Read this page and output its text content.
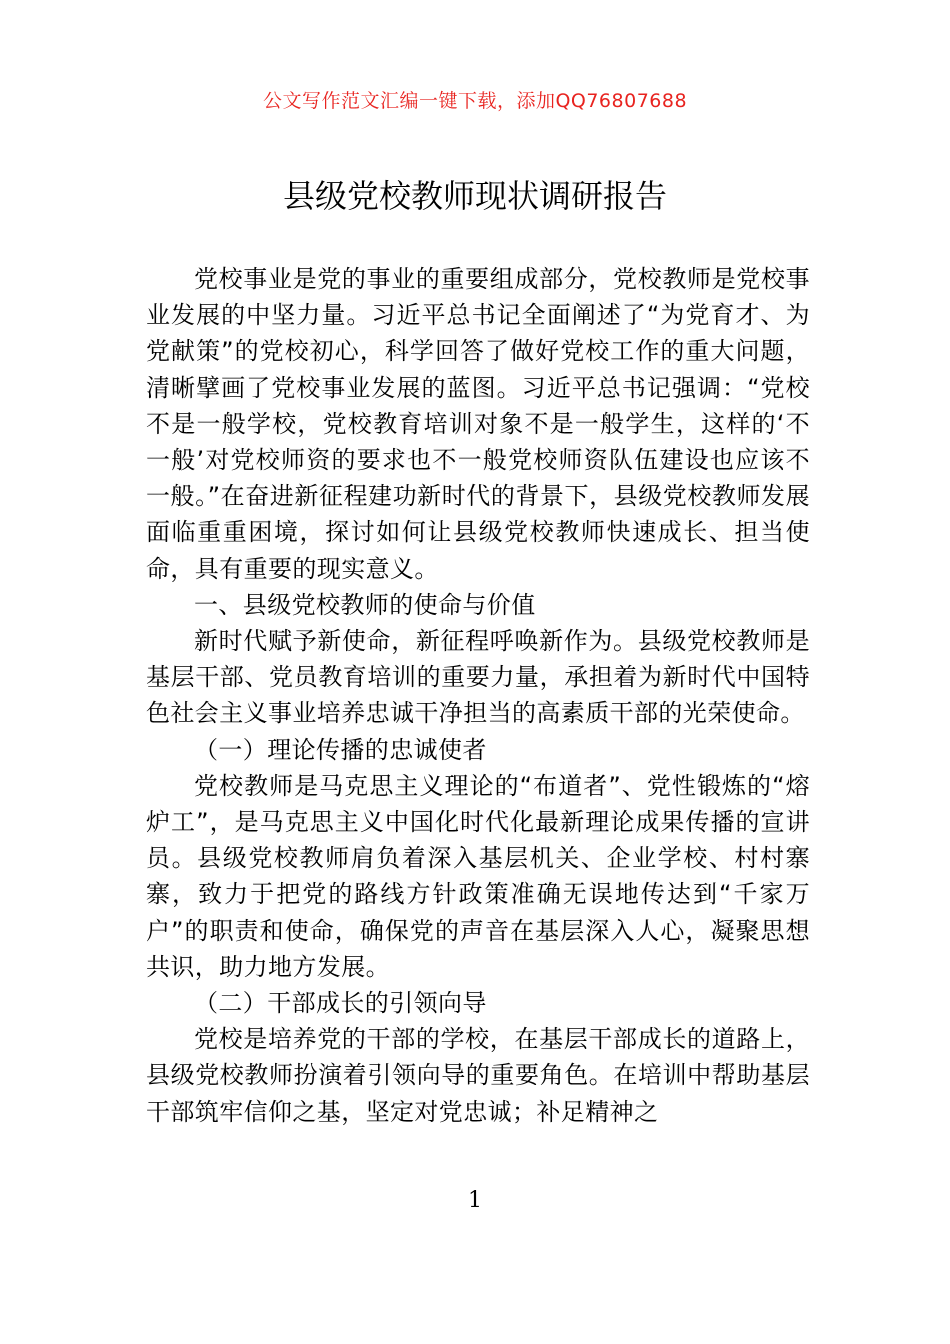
公文写作范文汇编一键下载，添加QQ76807688
县级党校教师现状调研报告

党校事业是党的事业的重要组成部分，党校教师是党校事业发展的中坚力量。习近平总书记全面阐述了“为党育才、为党献策”的党校初心，科学回答了做好党校工作的重大问题，清晰擘画了党校事业发展的蓝图。习近平总书记强调：“党校不是一般学校，党校教育培训对象不是一般学生，这样的‘不一般’对党校师资的要求也不一般党校师资队伍建设也应该不一般。”在奋进新征程建功新时代的背景下，县级党校教师发展面临重重困境，探讨如何让县级党校教师快速成长、担当使命，具有重要的现实意义。

一、县级党校教师的使命与价值

新时代赋予新使命，新征程呼唤新作为。县级党校教师是基层干部、党员教育培训的重要力量，承担着为新时代中国特色社会主义事业培养忠诚干净担当的高素质干部的光荣使命。

（一）理论传播的忠诚使者

党校教师是马克思主义理论的“布道者”、党性锻炼的“熔炉工”，是马克思主义中国化时代化最新理论成果传播的宣讲员。县级党校教师肩负着深入基层机关、企业学校、村村寨寨，致力于把党的路线方针政策准确无误地传达到“千家万户”的职责和使命，确保党的声音在基层深入人心，凝聚思想共识，助力地方发展。

（二）干部成长的引领向导

党校是培养党的干部的学校，在基层干部成长的道路上，县级党校教师扮演着引领向导的重要角色。在培训中帮助基层干部筑牢信仰之基，坚定对党忠诚；补足精神之

1
